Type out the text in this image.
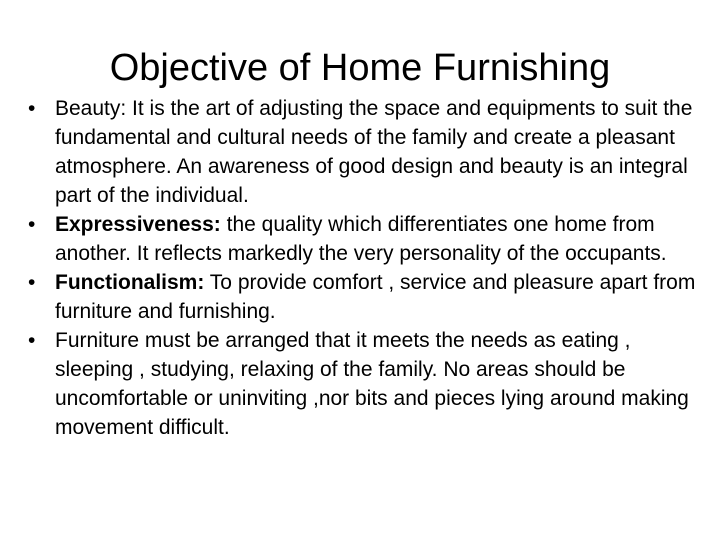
Objective of Home Furnishing
• Beauty: It is the art of adjusting the space and equipments to suit the fundamental and cultural needs of the family and create a pleasant atmosphere. An awareness of good design and beauty is an integral part of the individual.
• Expressiveness: the quality which differentiates one home from another. It reflects markedly the very personality of the occupants.
• Functionalism: To provide comfort , service and pleasure apart from furniture and furnishing.
• Furniture must be arranged that it meets the needs as eating , sleeping , studying, relaxing of the family. No areas should be uncomfortable or uninviting ,nor bits and pieces lying around making movement difficult.
